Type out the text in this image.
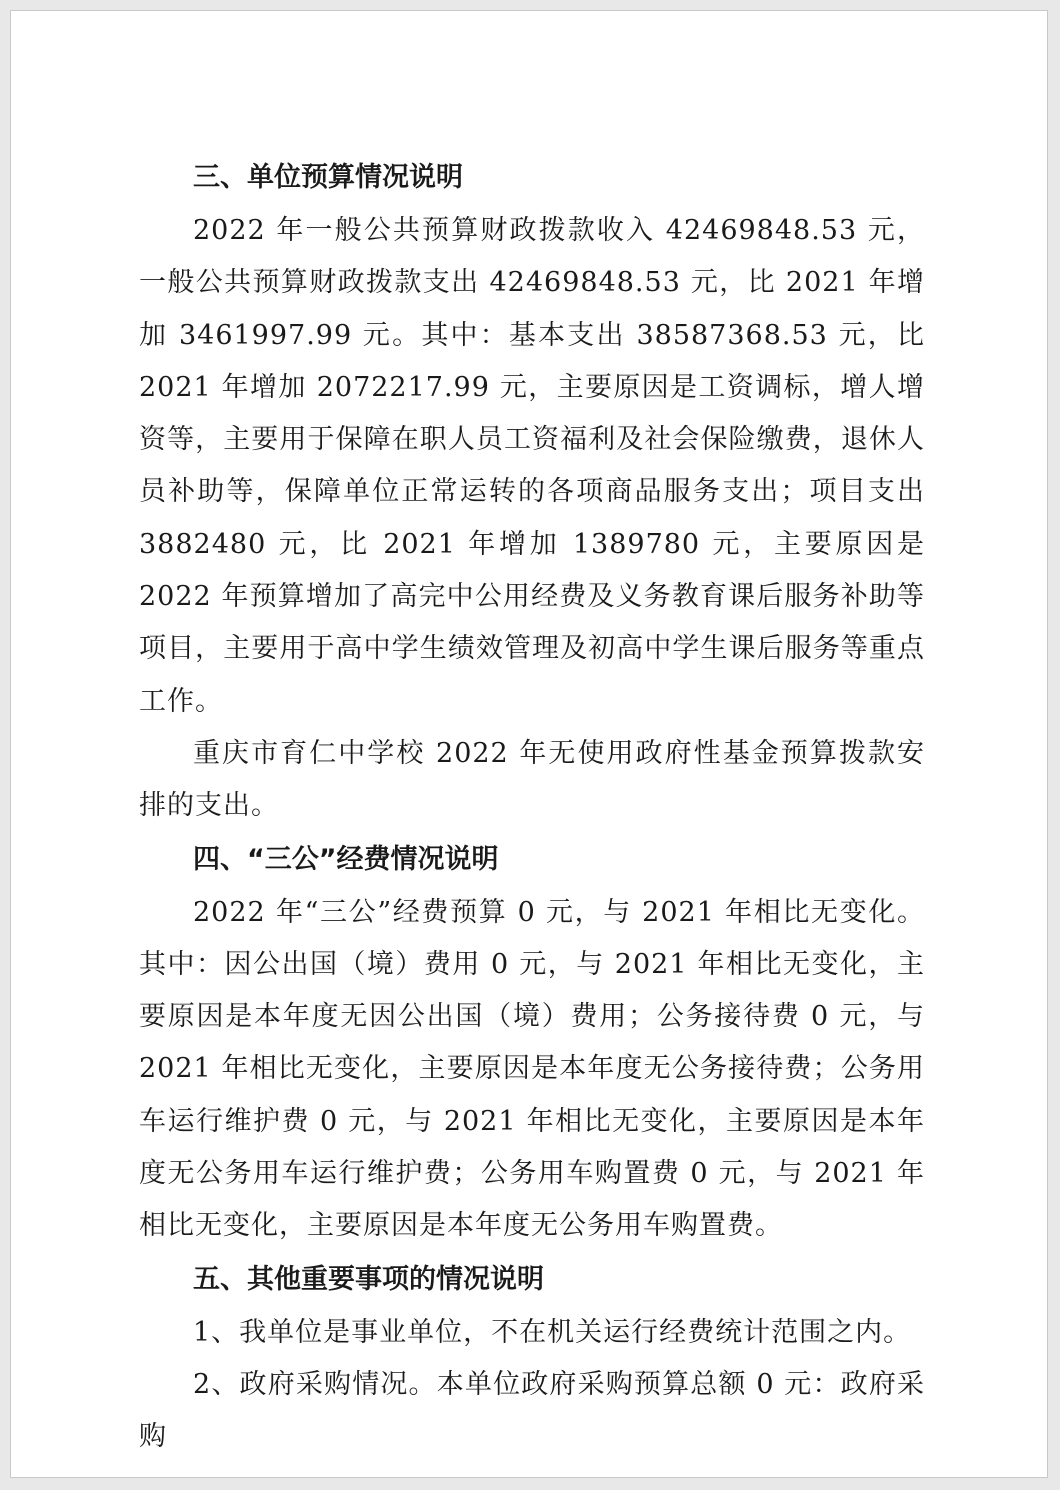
三、单位预算情况说明

2022 年一般公共预算财政拨款收入 42469848.53 元，一般公共预算财政拨款支出 42469848.53 元，比 2021 年增加 3461997.99 元。其中：基本支出 38587368.53 元，比 2021 年增加 2072217.99 元，主要原因是工资调标，增人增资等，主要用于保障在职人员工资福利及社会保险缴费，退休人员补助等，保障单位正常运转的各项商品服务支出；项目支出 3882480 元，比 2021 年增加 1389780 元，主要原因是 2022 年预算增加了高完中公用经费及义务教育课后服务补助等项目，主要用于高中学生绩效管理及初高中学生课后服务等重点工作。

重庆市育仁中学校 2022 年无使用政府性基金预算拨款安排的支出。

四、“三公”经费情况说明

2022 年“三公”经费预算 0 元，与 2021 年相比无变化。其中：因公出国（境）费用 0 元，与 2021 年相比无变化，主要原因是本年度无因公出国（境）费用；公务接待费 0 元，与 2021 年相比无变化，主要原因是本年度无公务接待费；公务用车运行维护费 0 元，与 2021 年相比无变化，主要原因是本年度无公务用车运行维护费；公务用车购置费 0 元，与 2021 年相比无变化，主要原因是本年度无公务用车购置费。

五、其他重要事项的情况说明

1、我单位是事业单位，不在机关运行经费统计范围之内。

2、政府采购情况。本单位政府采购预算总额 0 元：政府采购
